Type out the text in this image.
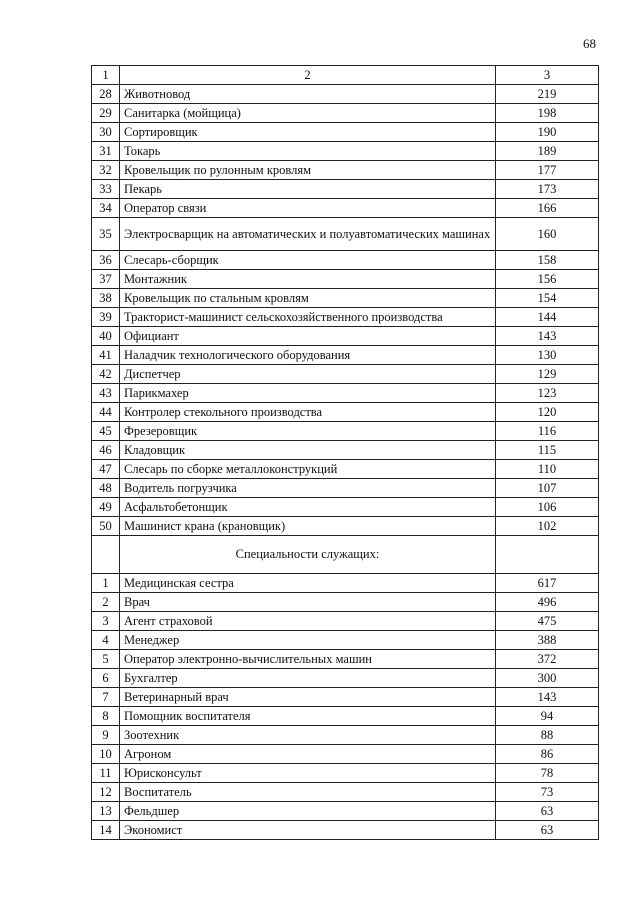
68
1	2	3
28	Животновод	219
29	Санитарка (мойщица)	198
30	Сортировщик	190
31	Токарь	189
32	Кровельщик по рулонным кровлям	177
33	Пекарь	173
34	Оператор связи	166
35	Электросварщик на автоматических и полуавтоматических машинах	160
36	Слесарь-сборщик	158
37	Монтажник	156
38	Кровельщик по стальным кровлям	154
39	Тракторист-машинист сельскохозяйственного производства	144
40	Официант	143
41	Наладчик технологического оборудования	130
42	Диспетчер	129
43	Парикмахер	123
44	Контролер стекольного производства	120
45	Фрезеровщик	116
46	Кладовщик	115
47	Слесарь по сборке металлоконструкций	110
48	Водитель погрузчика	107
49	Асфальтобетонщик	106
50	Машинист крана (крановщик)	102
	Специальности служащих:	
1	Медицинская сестра	617
2	Врач	496
3	Агент страховой	475
4	Менеджер	388
5	Оператор электронно-вычислительных машин	372
6	Бухгалтер	300
7	Ветеринарный врач	143
8	Помощник воспитателя	94
9	Зоотехник	88
10	Агроном	86
11	Юрисконсульт	78
12	Воспитатель	73
13	Фельдшер	63
14	Экономист	63
